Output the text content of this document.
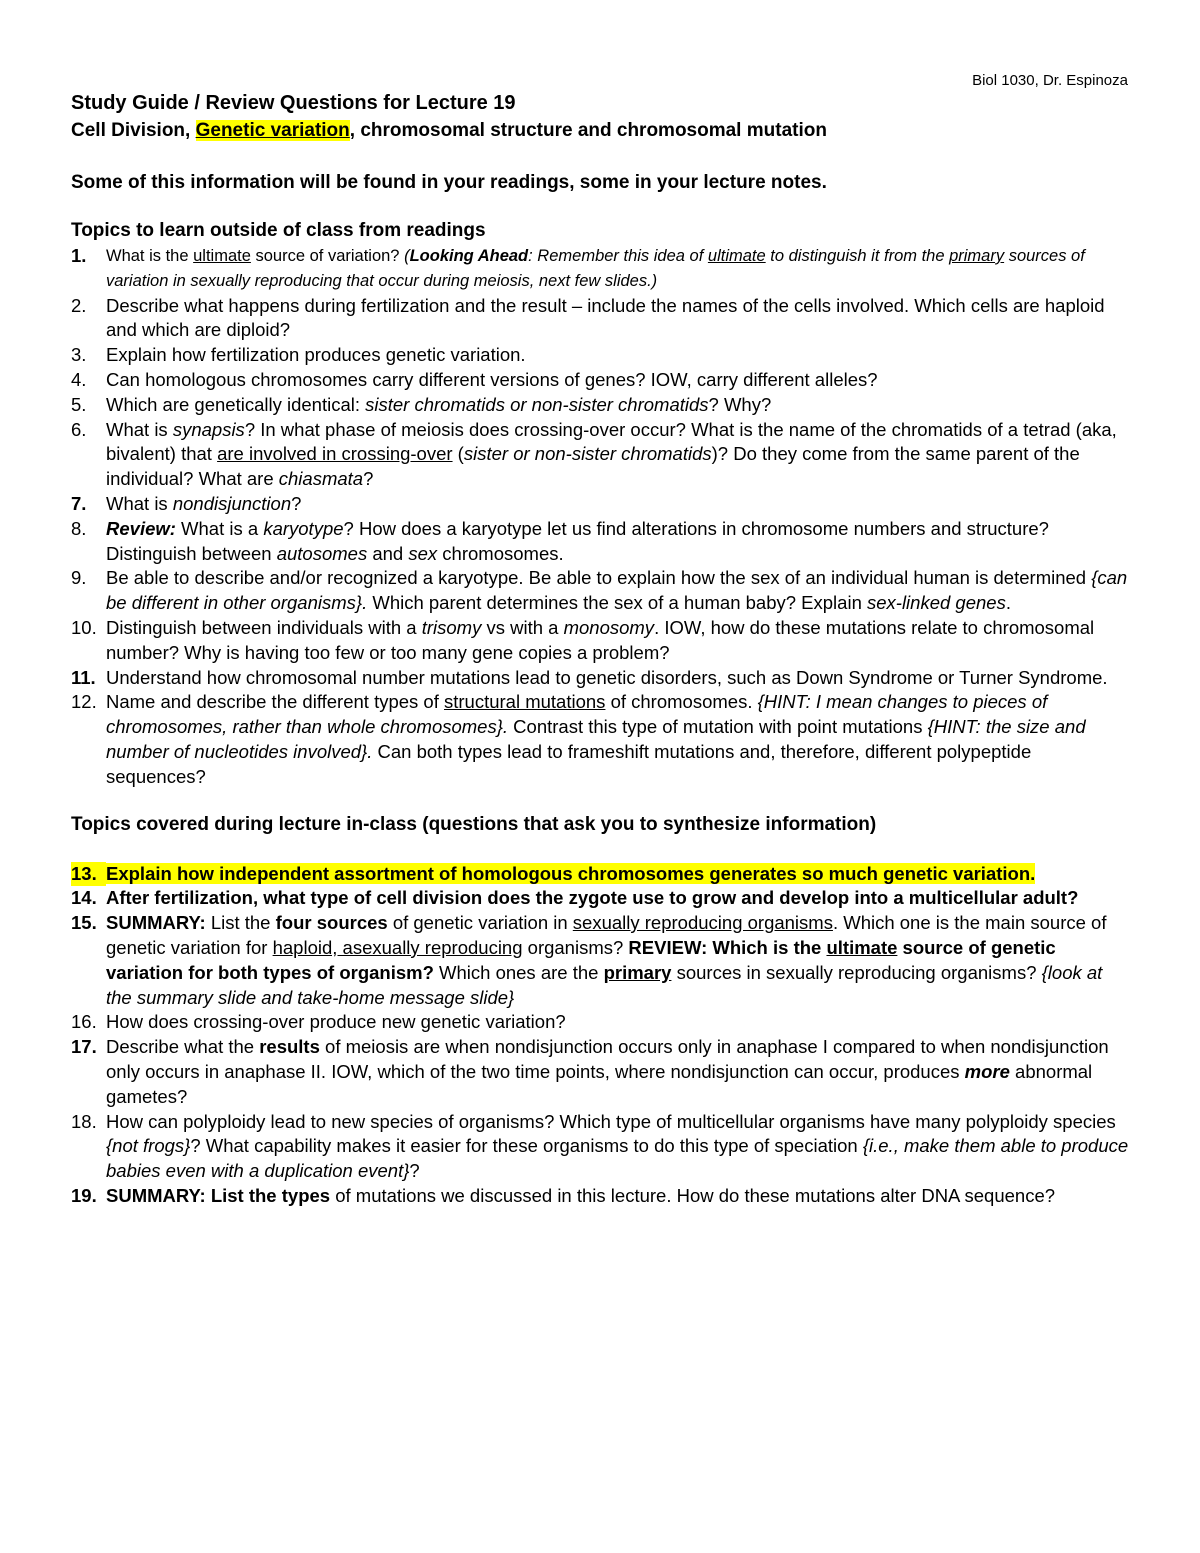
Biol 1030, Dr. Espinoza
Study Guide / Review Questions for Lecture 19

Cell Division, Genetic variation, chromosomal structure and chromosomal mutation

Some of this information will be found in your readings, some in your lecture notes.

Topics to learn outside of class from readings

1.	What is the ultimate source of variation? (Looking Ahead: Remember this idea of ultimate to distinguish it from the primary sources of variation in sexually reproducing that occur during meiosis, next few slides.)
2.	Describe what happens during fertilization and the result – include the names of the cells involved. Which cells are haploid and which are diploid?
3.	Explain how fertilization produces genetic variation.
4.	Can homologous chromosomes carry different versions of genes? IOW, carry different alleles?
5.	Which are genetically identical: sister chromatids or non-sister chromatids? Why?
6.	What is synapsis? In what phase of meiosis does crossing-over occur? What is the name of the chromatids of a tetrad (aka, bivalent) that are involved in crossing-over (sister or non-sister chromatids)? Do they come from the same parent of the individual? What are chiasmata?
7.	What is nondisjunction?
8.	Review: What is a karyotype? How does a karyotype let us find alterations in chromosome numbers and structure? Distinguish between autosomes and sex chromosomes.
9.	Be able to describe and/or recognized a karyotype. Be able to explain how the sex of an individual human is determined {can be different in other organisms}. Which parent determines the sex of a human baby? Explain sex-linked genes.
10. Distinguish between individuals with a trisomy vs with a monosomy. IOW, how do these mutations relate to chromosomal number? Why is having too few or too many gene copies a problem?
11. Understand how chromosomal number mutations lead to genetic disorders, such as Down Syndrome or Turner Syndrome.
12. Name and describe the different types of structural mutations of chromosomes. {HINT: I mean changes to pieces of chromosomes, rather than whole chromosomes}. Contrast this type of mutation with point mutations {HINT: the size and number of nucleotides involved}. Can both types lead to frameshift mutations and, therefore, different polypeptide sequences?

Topics covered during lecture in-class (questions that ask you to synthesize information)

13. Explain how independent assortment of homologous chromosomes generates so much genetic variation.
14. After fertilization, what type of cell division does the zygote use to grow and develop into a multicellular adult?
15. SUMMARY: List the four sources of genetic variation in sexually reproducing organisms. Which one is the main source of genetic variation for haploid, asexually reproducing organisms? REVIEW: Which is the ultimate source of genetic variation for both types of organism? Which ones are the primary sources in sexually reproducing organisms? {look at the summary slide and take-home message slide}
16. How does crossing-over produce new genetic variation?
17. Describe what the results of meiosis are when nondisjunction occurs only in anaphase I compared to when nondisjunction only occurs in anaphase II. IOW, which of the two time points, where nondisjunction can occur, produces more abnormal gametes?
18. How can polyploidy lead to new species of organisms? Which type of multicellular organisms have many polyploidy species {not frogs}? What capability makes it easier for these organisms to do this type of speciation {i.e., make them able to produce babies even with a duplication event}?
19. SUMMARY: List the types of mutations we discussed in this lecture. How do these mutations alter DNA sequence?
